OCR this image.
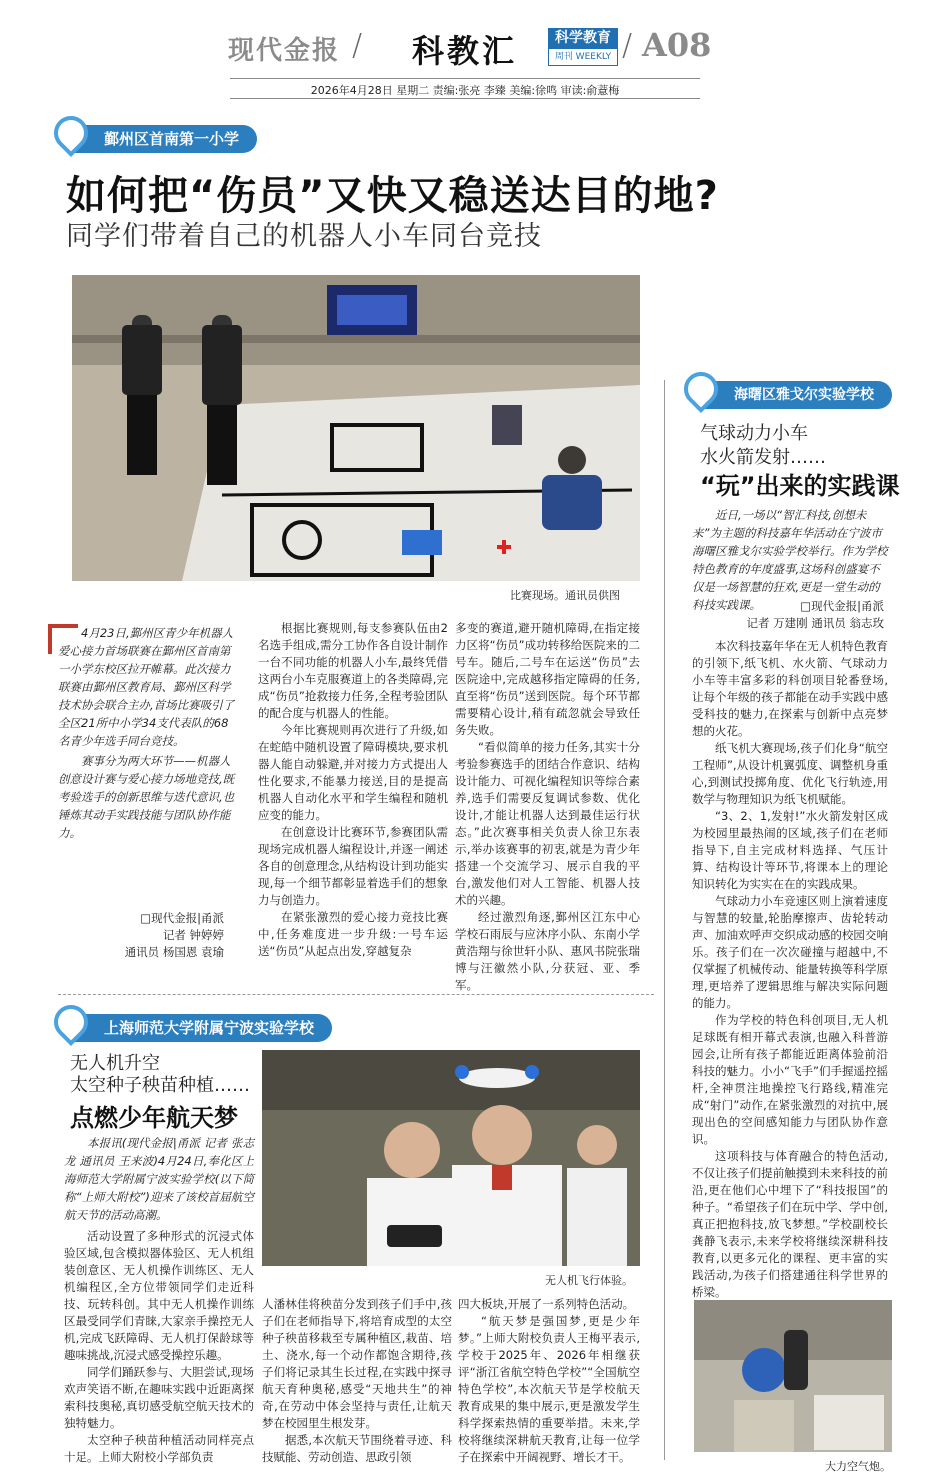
现代金报 / 科教汇	科学教育
周刊 WEEKLY / A08
2026年4月28日 星期二 责编:张亮 李臻 美编:徐鸣 审读:俞薏梅
鄞州区首南第一小学
如何把“伤员”又快又稳送达目的地?
同学们带着自己的机器人小车同台竞技
比赛现场。通讯员供图

4月23日,鄞州区青少年机器人爱心接力首场联赛在鄞州区首南第一小学东校区拉开帷幕。此次接力联赛由鄞州区教育局、鄞州区科学技术协会联合主办,首场比赛吸引了全区21所中小学34支代表队的68名青少年选手同台竞技。

赛事分为两大环节——机器人创意设计赛与爱心接力场地竞技,既考验选手的创新思维与迭代意识,也锤炼其动手实践技能与团队协作能力。

□现代金报|甬派
记者 钟婷婷
通讯员 杨国恩 袁瑜

根据比赛规则,每支参赛队伍由2名选手组成,需分工协作各自设计制作一台不同功能的机器人小车,最终凭借这两台小车克服赛道上的各类障碍,完成“伤员”抢救接力任务,全程考验团队的配合度与机器人的性能。

今年比赛规则再次进行了升级,如在蛇皓中随机设置了障碍模块,要求机器人能自动躲避,并对接力方式提出人性化要求,不能暴力接送,目的是提高机器人自动化水平和学生编程和随机应变的能力。

在创意设计比赛环节,参赛团队需现场完成机器人编程设计,并逐一阐述各自的创意理念,从结构设计到功能实现,每一个细节都彰显着选手们的想象力与创造力。

在紧张激烈的爱心接力竞技比赛中,任务难度进一步升级:一号车运送“伤员”从起点出发,穿越复杂

多变的赛道,避开随机障碍,在指定接力区将“伤员”成功转移给医院来的二号车。随后,二号车在运送“伤员”去医院途中,完成越移指定障碍的任务,直至将“伤员”送到医院。每个环节都需要精心设计,稍有疏忽就会导致任务失败。

“看似简单的接力任务,其实十分考验参赛选手的团结合作意识、结构设计能力、可视化编程知识等综合素养,选手们需要反复调试参数、优化设计,才能让机器人达到最佳运行状态。”此次赛事相关负责人徐卫东表示,举办该赛事的初衷,就是为青少年搭建一个交流学习、展示自我的平台,激发他们对人工智能、机器人技术的兴趣。

经过激烈角逐,鄞州区江东中心学校石雨辰与应沐序小队、东南小学黄浩翔与徐世轩小队、惠风书院张瑞博与汪徽然小队,分获冠、亚、季军。

海曙区雅戈尔实验学校
气球动力小车
水火箭发射……
“玩”出来的实践课

近日,一场以“智汇科技,创想未来”为主题的科技嘉年华活动在宁波市海曙区雅戈尔实验学校举行。作为学校特色教育的年度盛事,这场科创盛宴不仅是一场智慧的狂欢,更是一堂生动的科技实践课。	□现代金报|甬派
记者 万建刚 通讯员 翁志玫

本次科技嘉年华在无人机特色教育的引领下,纸飞机、水火箭、气球动力小车等丰富多彩的科创项目轮番登场,让每个年级的孩子都能在动手实践中感受科技的魅力,在探索与创新中点亮梦想的火花。

纸飞机大赛现场,孩子们化身“航空工程师”,从设计机翼弧度、调整机身重心,到测试投掷角度、优化飞行轨迹,用数学与物理知识为纸飞机赋能。

“3、2、1,发射!”水火箭发射区成为校园里最热闹的区域,孩子们在老师指导下,自主完成材料选择、气压计算、结构设计等环节,将课本上的理论知识转化为实实在在的实践成果。

气球动力小车竞速区则上演着速度与智慧的较量,轮胎摩擦声、齿轮转动声、加油欢呼声交织成动感的校园交响乐。孩子们在一次次碰撞与超越中,不仅掌握了机械传动、能量转换等科学原理,更培养了逻辑思维与解决实际问题的能力。

作为学校的特色科创项目,无人机足球既有相开幕式表演,也融入科普游园会,让所有孩子都能近距离体验前沿科技的魅力。小小“飞手”们手握遥控摇杆,全神贯注地操控飞行路线,精准完成“射门”动作,在紧张激烈的对抗中,展现出色的空间感知能力与团队协作意识。

这项科技与体育融合的特色活动,不仅让孩子们提前触摸到未来科技的前沿,更在他们心中埋下了“科技报国”的种子。“希望孩子们在玩中学、学中创,真正把抱科技,放飞梦想。”学校副校长龚静飞表示,未来学校将继续深耕科技教育,以更多元化的课程、更丰富的实践活动,为孩子们搭建通往科学世界的桥梁。

大力空气炮。
上海师范大学附属宁波实验学校
无人机升空
太空种子秧苗种植……
点燃少年航天梦
无人机飞行体验。

本报讯(现代金报|甬派 记者 张志龙 通讯员 王来波)4月24日,奉化区上海师范大学附属宁波实验学校(以下简称“上师大附校”)迎来了该校首届航空航天节的活动高潮。

活动设置了多种形式的沉浸式体验区域,包含模拟器体验区、无人机组装创意区、无人机操作训练区、无人机编程区,全方位带领同学们走近科技、玩转科创。其中无人机操作训练区最受同学们青睐,大家亲手操控无人机,完成飞跃障碍、无人机打保龄球等趣味挑战,沉浸式感受操控乐趣。

同学们踊跃参与、大胆尝试,现场欢声笑语不断,在趣味实践中近距离探索科技奥秘,真切感受航空航天技术的独特魅力。

太空种子秧苗种植活动同样亮点十足。上师大附校小学部负责

人潘林佳将秧苗分发到孩子们手中,孩子们在老师指导下,将培育成型的太空种子秧苗移栽至专属种植区,栽苗、培土、浇水,每一个动作都饱含期待,孩子们将记录其生长过程,在实践中探寻航天育种奥秘,感受“天地共生”的神奇,在劳动中体会坚持与责任,让航天梦在校园里生根发芽。

据悉,本次航天节围绕着寻迹、科技赋能、劳动创造、思政引领

四大板块,开展了一系列特色活动。

“航天梦是强国梦,更是少年梦。”上师大附校负责人王梅平表示,学校于2025年、2026年相继获评“浙江省航空特色学校”“全国航空特色学校”,本次航天节是学校航天教育成果的集中展示,更是激发学生科学探索热情的重要举措。未来,学校将继续深耕航天教育,让每一位学子在探索中开阔视野、增长才干。
